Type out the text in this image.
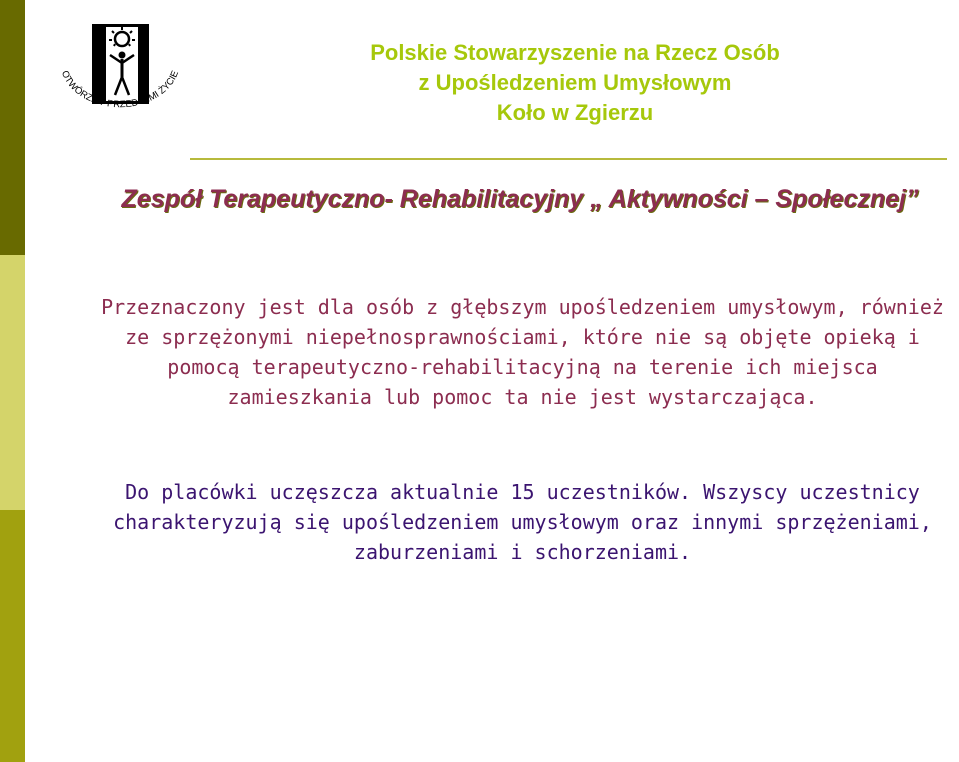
OTWÓRZMY PRZED NIMI ŻYCIE
Polskie Stowarzyszenie na Rzecz Osób
z Upośledzeniem Umysłowym
Koło w Zgierzu
Zespół Terapeutyczno- Rehabilitacyjny „ Aktywności – Społecznej”

Przeznaczony jest dla osób z głębszym upośledzeniem umysłowym, również ze sprzężonymi niepełnosprawnościami, które nie są objęte opieką i pomocą terapeutyczno-rehabilitacyjną na terenie ich miejsca zamieszkania lub pomoc ta nie jest wystarczająca.

Do placówki uczęszcza aktualnie 15 uczestników. Wszyscy uczestnicy charakteryzują się upośledzeniem umysłowym oraz innymi sprzężeniami, zaburzeniami i schorzeniami.
